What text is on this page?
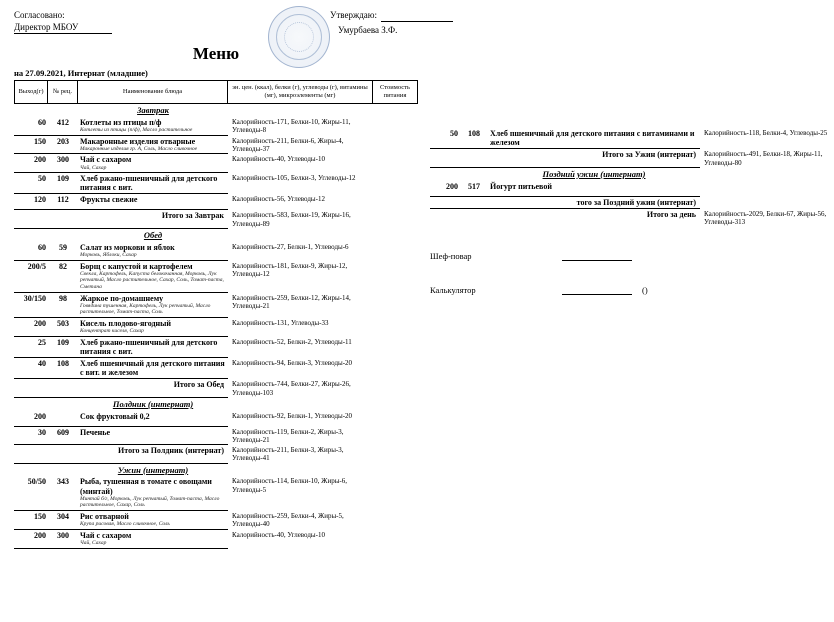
Согласовано:
Директор МБОУ
Утверждаю:
Умурбаева З.Ф.
Меню
на 27.09.2021, Интернат (младшие)
Выход(г)	№ рец.	Наименование блюда
эн. цен. (ккал), белки (г), углеводы (г), витамины (мг), микроэлементы (мг)
Стоимость питания
Завтрак
60	412	Котлеты из птицы п/ф
Котлеты из птицы (п/ф), Масло растительное
Калорийность-171, Белки-10, Жиры-11, Углеводы-8
150	203	Макаронные изделия отварные
Макаронные изделия гр. А, Соль, Масло сливочное
Калорийность-211, Белки-6, Жиры-4, Углеводы-37
200	300	Чай с сахаром
Чай, Сахар
Калорийность-40, Углеводы-10
50	109	Хлеб ржано-пшеничный для детского питания с вит.
Калорийность-105, Белки-3, Углеводы-12
120	112	Фрукты свежие	Калорийность-56, Углеводы-12
Итого за Завтрак	Калорийность-583, Белки-19, Жиры-16, Углеводы-89
Обед
60	59	Салат из моркови и яблок
Морковь, Яблоки, Сахар
Калорийность-27, Белки-1, Углеводы-6
200/5	82	Борщ с капустой и картофелем
Свекла, Картофель, Капуста белокочанная, Морковь, Лук репчатый, Масло растительное, Сахар, Соль, Томат-паста, Сметана
Калорийность-181, Белки-9, Жиры-12, Углеводы-12
30/150	98	Жаркое по-домашнему
Говядина тушенная, Картофель, Лук репчатый, Масло растительное, Томат-паста, Соль
Калорийность-259, Белки-12, Жиры-14, Углеводы-21
200	503	Кисель плодово-ягодный
Концентрат киселя, Сахар
Калорийность-131, Углеводы-33
25	109	Хлеб ржано-пшеничный для детского питания с вит.
Калорийность-52, Белки-2, Углеводы-11
40	108	Хлеб пшеничный для детского питания с вит. и железом
Калорийность-94, Белки-3, Углеводы-20
Итого за Обед	Калорийность-744, Белки-27, Жиры-26, Углеводы-103
Полдник (интернат)
200	Сок фруктовый 0,2	Калорийность-92, Белки-1, Углеводы-20
30	609	Печенье	Калорийность-119, Белки-2, Жиры-3, Углеводы-21
Итого за Полдник (интернат)	Калорийность-211, Белки-3, Жиры-3, Углеводы-41
Ужин (интернат)
50/50	343	Рыба, тушенная в томате с овощами (минтай)
Минтай б/г, Морковь, Лук репчатый, Томат-паста, Масло растительное, Сахар, Соль
Калорийность-114, Белки-10, Жиры-6, Углеводы-5
150	304	Рис отварной
Крупа рисовая, Масло сливочное, Соль
Калорийность-259, Белки-4, Жиры-5, Углеводы-40
200	300	Чай с сахаром
Чай, Сахар
Калорийность-40, Углеводы-10
50	108	Хлеб пшеничный для детского питания с витаминами и железом
Калорийность-118, Белки-4, Углеводы-25
Итого за Ужин (интернат)	Калорийность-491, Белки-18, Жиры-11, Углеводы-80
Поздний ужин (интернат)
200	517	Йогурт питьевой
того за Поздний ужин (интернат)
Итого за день	Калорийность-2029, Белки-67, Жиры-56, Углеводы-313
Шеф-повар
Калькулятор	()
